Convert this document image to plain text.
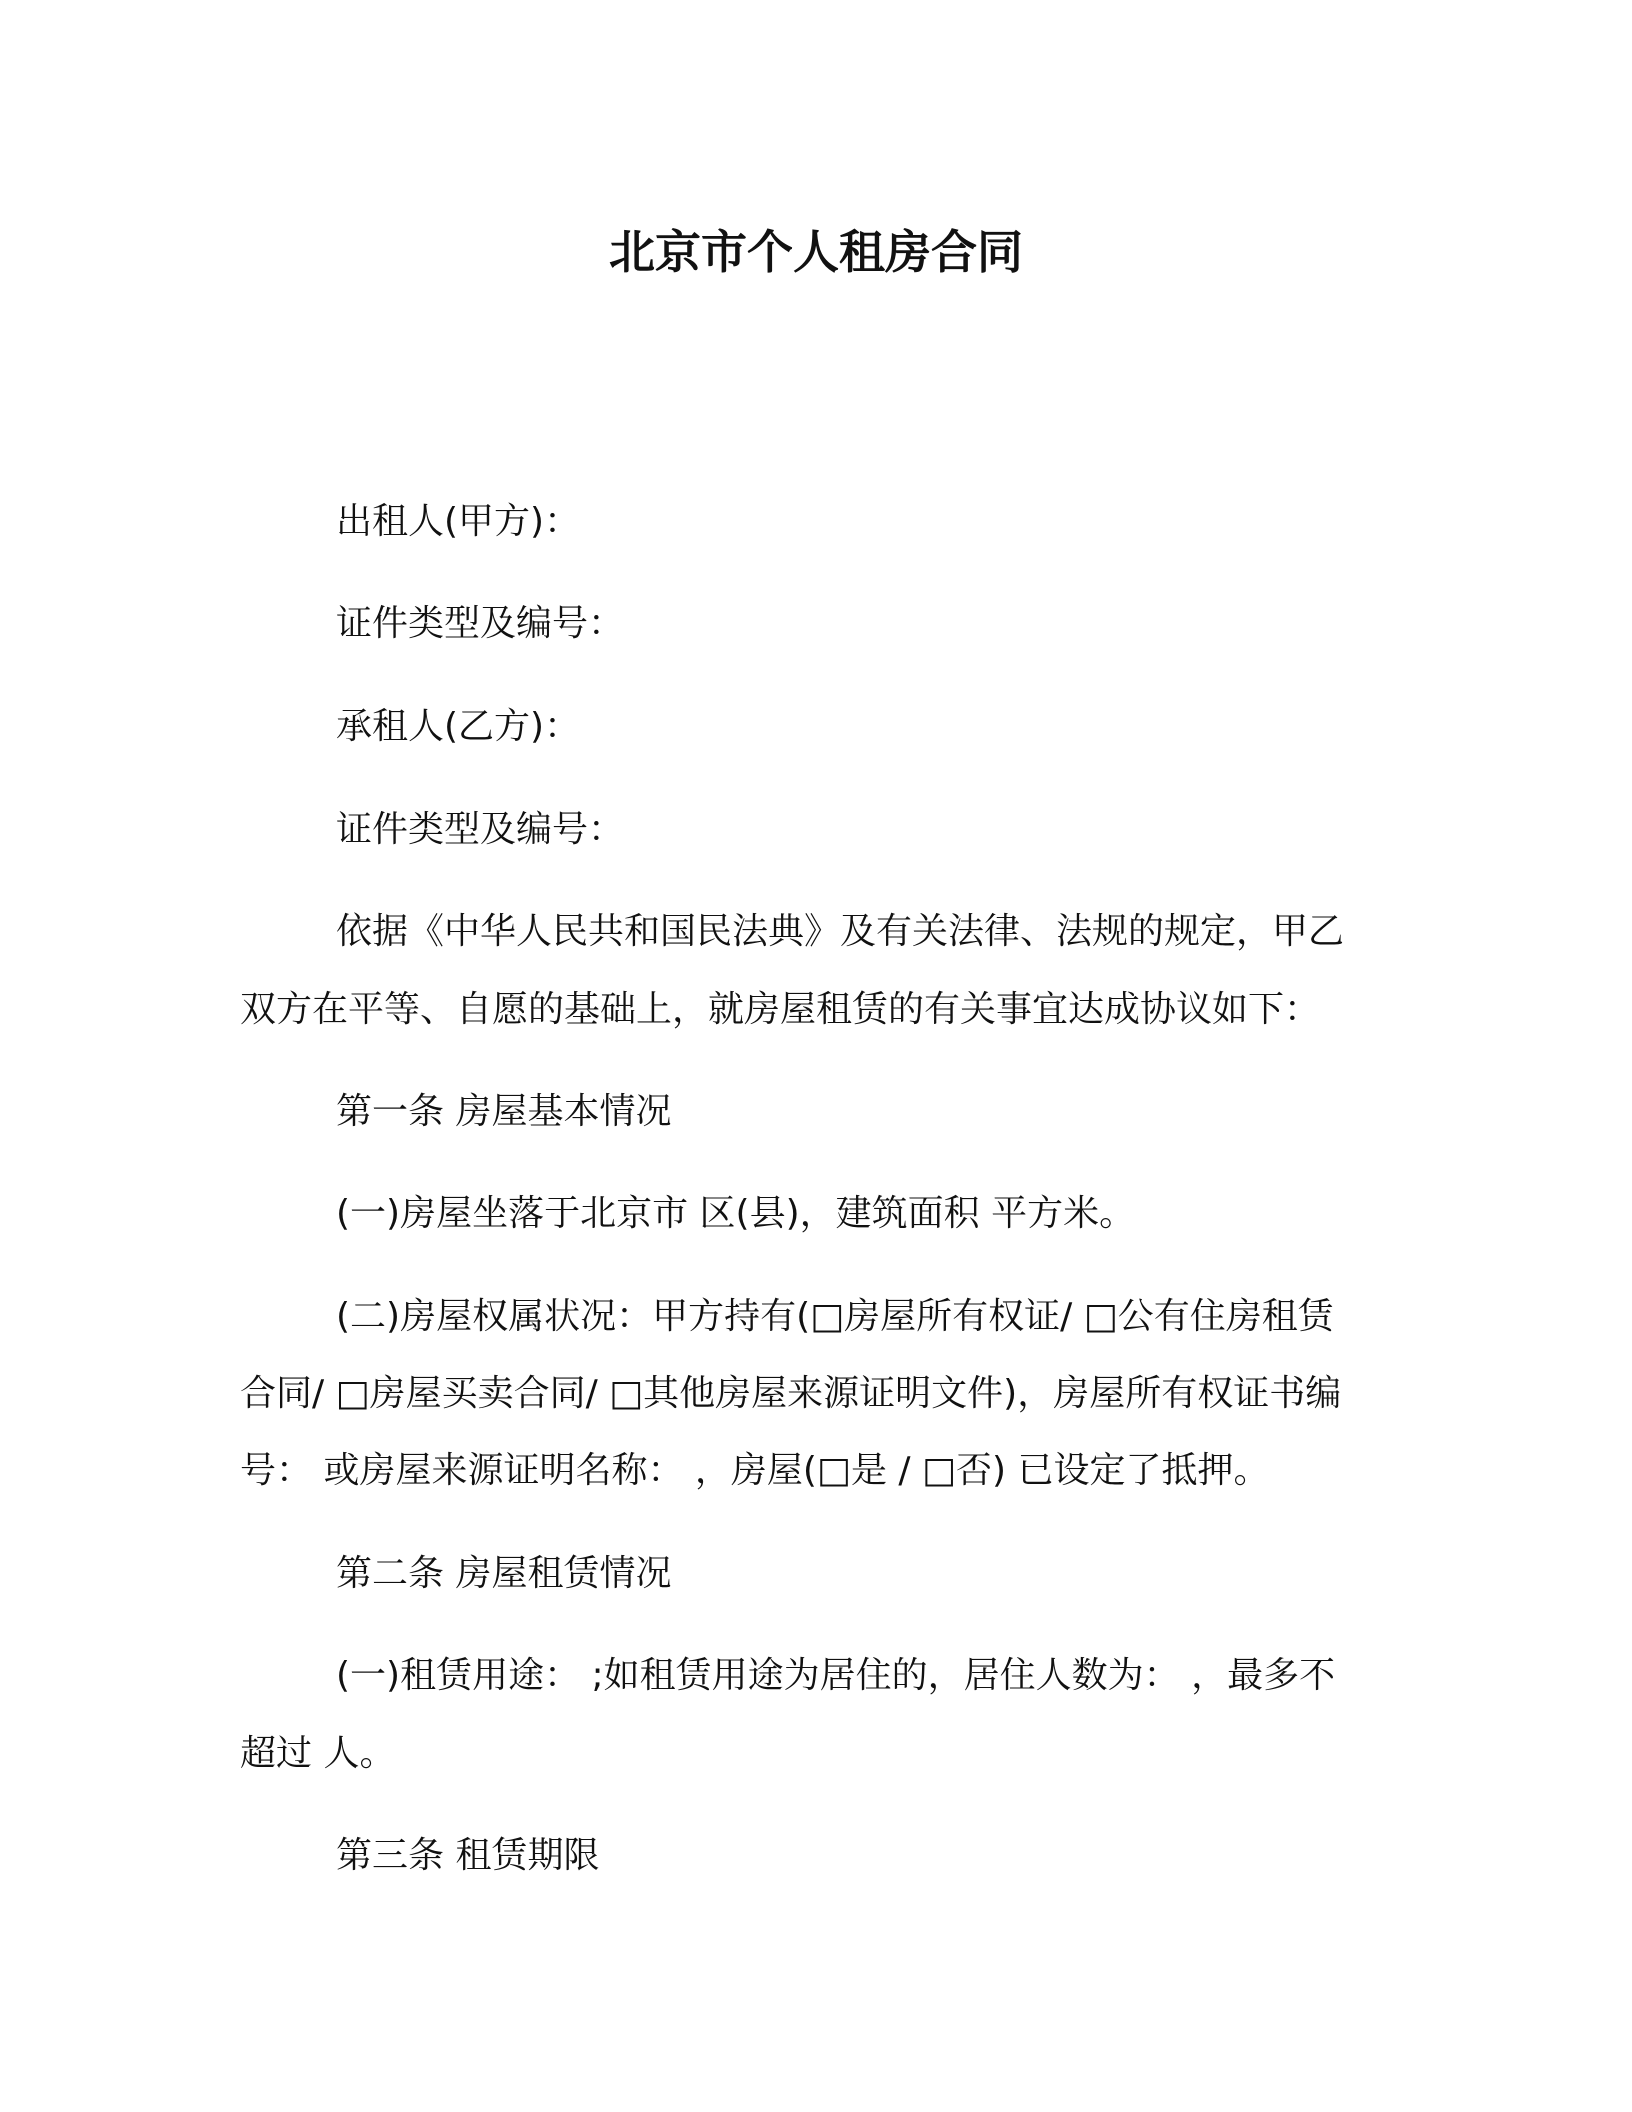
北京市个人租房合同
出租人(甲方)：
证件类型及编号：
承租人(乙方)：
证件类型及编号：
依据《中华人民共和国民法典》及有关法律、法规的规定，甲乙
双方在平等、自愿的基础上，就房屋租赁的有关事宜达成协议如下：
第一条 房屋基本情况
(一)房屋坐落于北京市 区(县)，建筑面积 平方米。
(二)房屋权属状况：甲方持有(□房屋所有权证/ □公有住房租赁
合同/ □房屋买卖合同/ □其他房屋来源证明文件)，房屋所有权证书编
号： 或房屋来源证明名称： ，房屋(□是 / □否) 已设定了抵押。
第二条 房屋租赁情况
(一)租赁用途： ;如租赁用途为居住的，居住人数为： ，最多不
超过 人。
第三条 租赁期限
